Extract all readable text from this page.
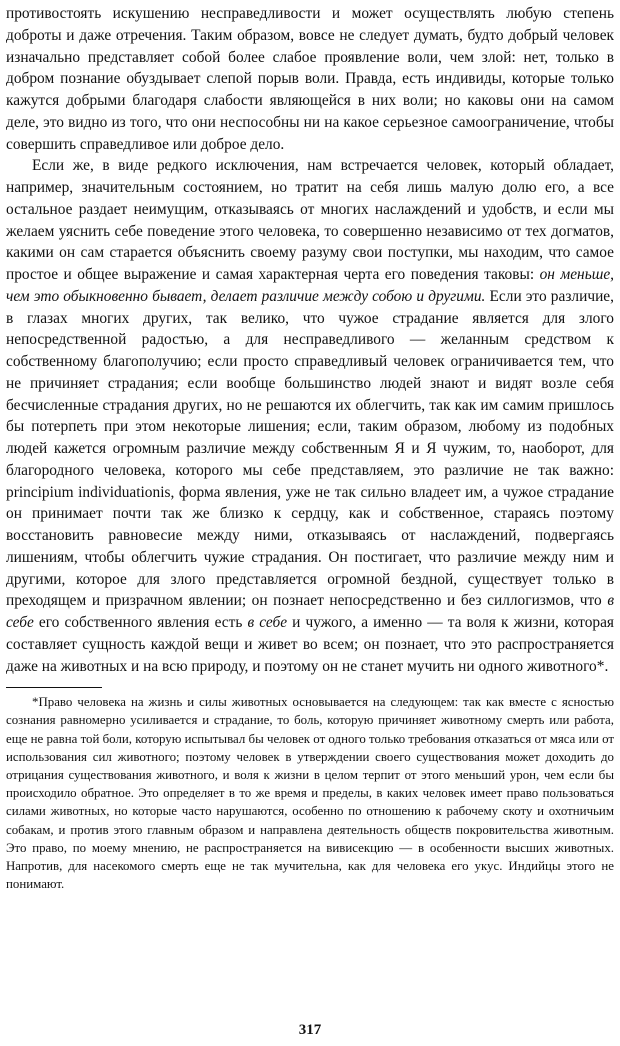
противостоять искушению несправедливости и может осуществлять любую степень доброты и даже отречения. Таким образом, вовсе не следует думать, будто добрый человек изначально представляет собой более слабое проявление воли, чем злой: нет, только в добром познание обуздывает слепой порыв воли. Правда, есть индивиды, которые только кажутся добрыми благодаря слабости являющейся в них воли; но каковы они на самом деле, это видно из того, что они неспособны ни на какое серьезное самоограничение, чтобы совершить справедливое или доброе дело.

Если же, в виде редкого исключения, нам встречается человек, который обладает, например, значительным состоянием, но тратит на себя лишь малую долю его, а все остальное раздает неимущим, отказываясь от многих наслаждений и удобств, и если мы желаем уяснить себе поведение этого человека, то совершенно независимо от тех догматов, какими он сам старается объяснить своему разуму свои поступки, мы находим, что самое простое и общее выражение и самая характерная черта его поведения таковы: он меньше, чем это обыкновенно бывает, делает различие между собою и другими. Если это различие, в глазах многих других, так велико, что чужое страдание является для злого непосредственной радостью, а для несправедливого — желанным средством к собственному благополучию; если просто справедливый человек ограничивается тем, что не причиняет страдания; если вообще большинство людей знают и видят возле себя бесчисленные страдания других, но не решаются их облегчить, так как им самим пришлось бы потерпеть при этом некоторые лишения; если, таким образом, любому из подобных людей кажется огромным различие между собственным Я и Я чужим, то, наоборот, для благородного человека, которого мы себе представляем, это различие не так важно: principium individuationis, форма явления, уже не так сильно владеет им, а чужое страдание он принимает почти так же близко к сердцу, как и собственное, стараясь поэтому восстановить равновесие между ними, отказываясь от наслаждений, подвергаясь лишениям, чтобы облегчить чужие страдания. Он постигает, что различие между ним и другими, которое для злого представляется огромной бездной, существует только в преходящем и призрачном явлении; он познает непосредственно и без силлогизмов, что в себе его собственного явления есть в себе и чужого, а именно — та воля к жизни, которая составляет сущность каждой вещи и живет во всем; он познает, что это распространяется даже на животных и на всю природу, и поэтому он не станет мучить ни одного животного*.

*Право человека на жизнь и силы животных основывается на следующем: так как вместе с ясностью сознания равномерно усиливается и страдание, то боль, которую причиняет животному смерть или работа, еще не равна той боли, которую испытывал бы человек от одного только требования отказаться от мяса или от использования сил животного; поэтому человек в утверждении своего существования может доходить до отрицания существования животного, и воля к жизни в целом терпит от этого меньший урон, чем если бы происходило обратное. Это определяет в то же время и пределы, в каких человек имеет право пользоваться силами животных, но которые часто нарушаются, особенно по отношению к рабочему скоту и охотничьим собакам, и против этого главным образом и направлена деятельность обществ покровительства животным. Это право, по моему мнению, не распространяется на вивисекцию — в особенности высших животных. Напротив, для насекомого смерть еще не так мучительна, как для человека его укус. Индийцы этого не понимают.

317
